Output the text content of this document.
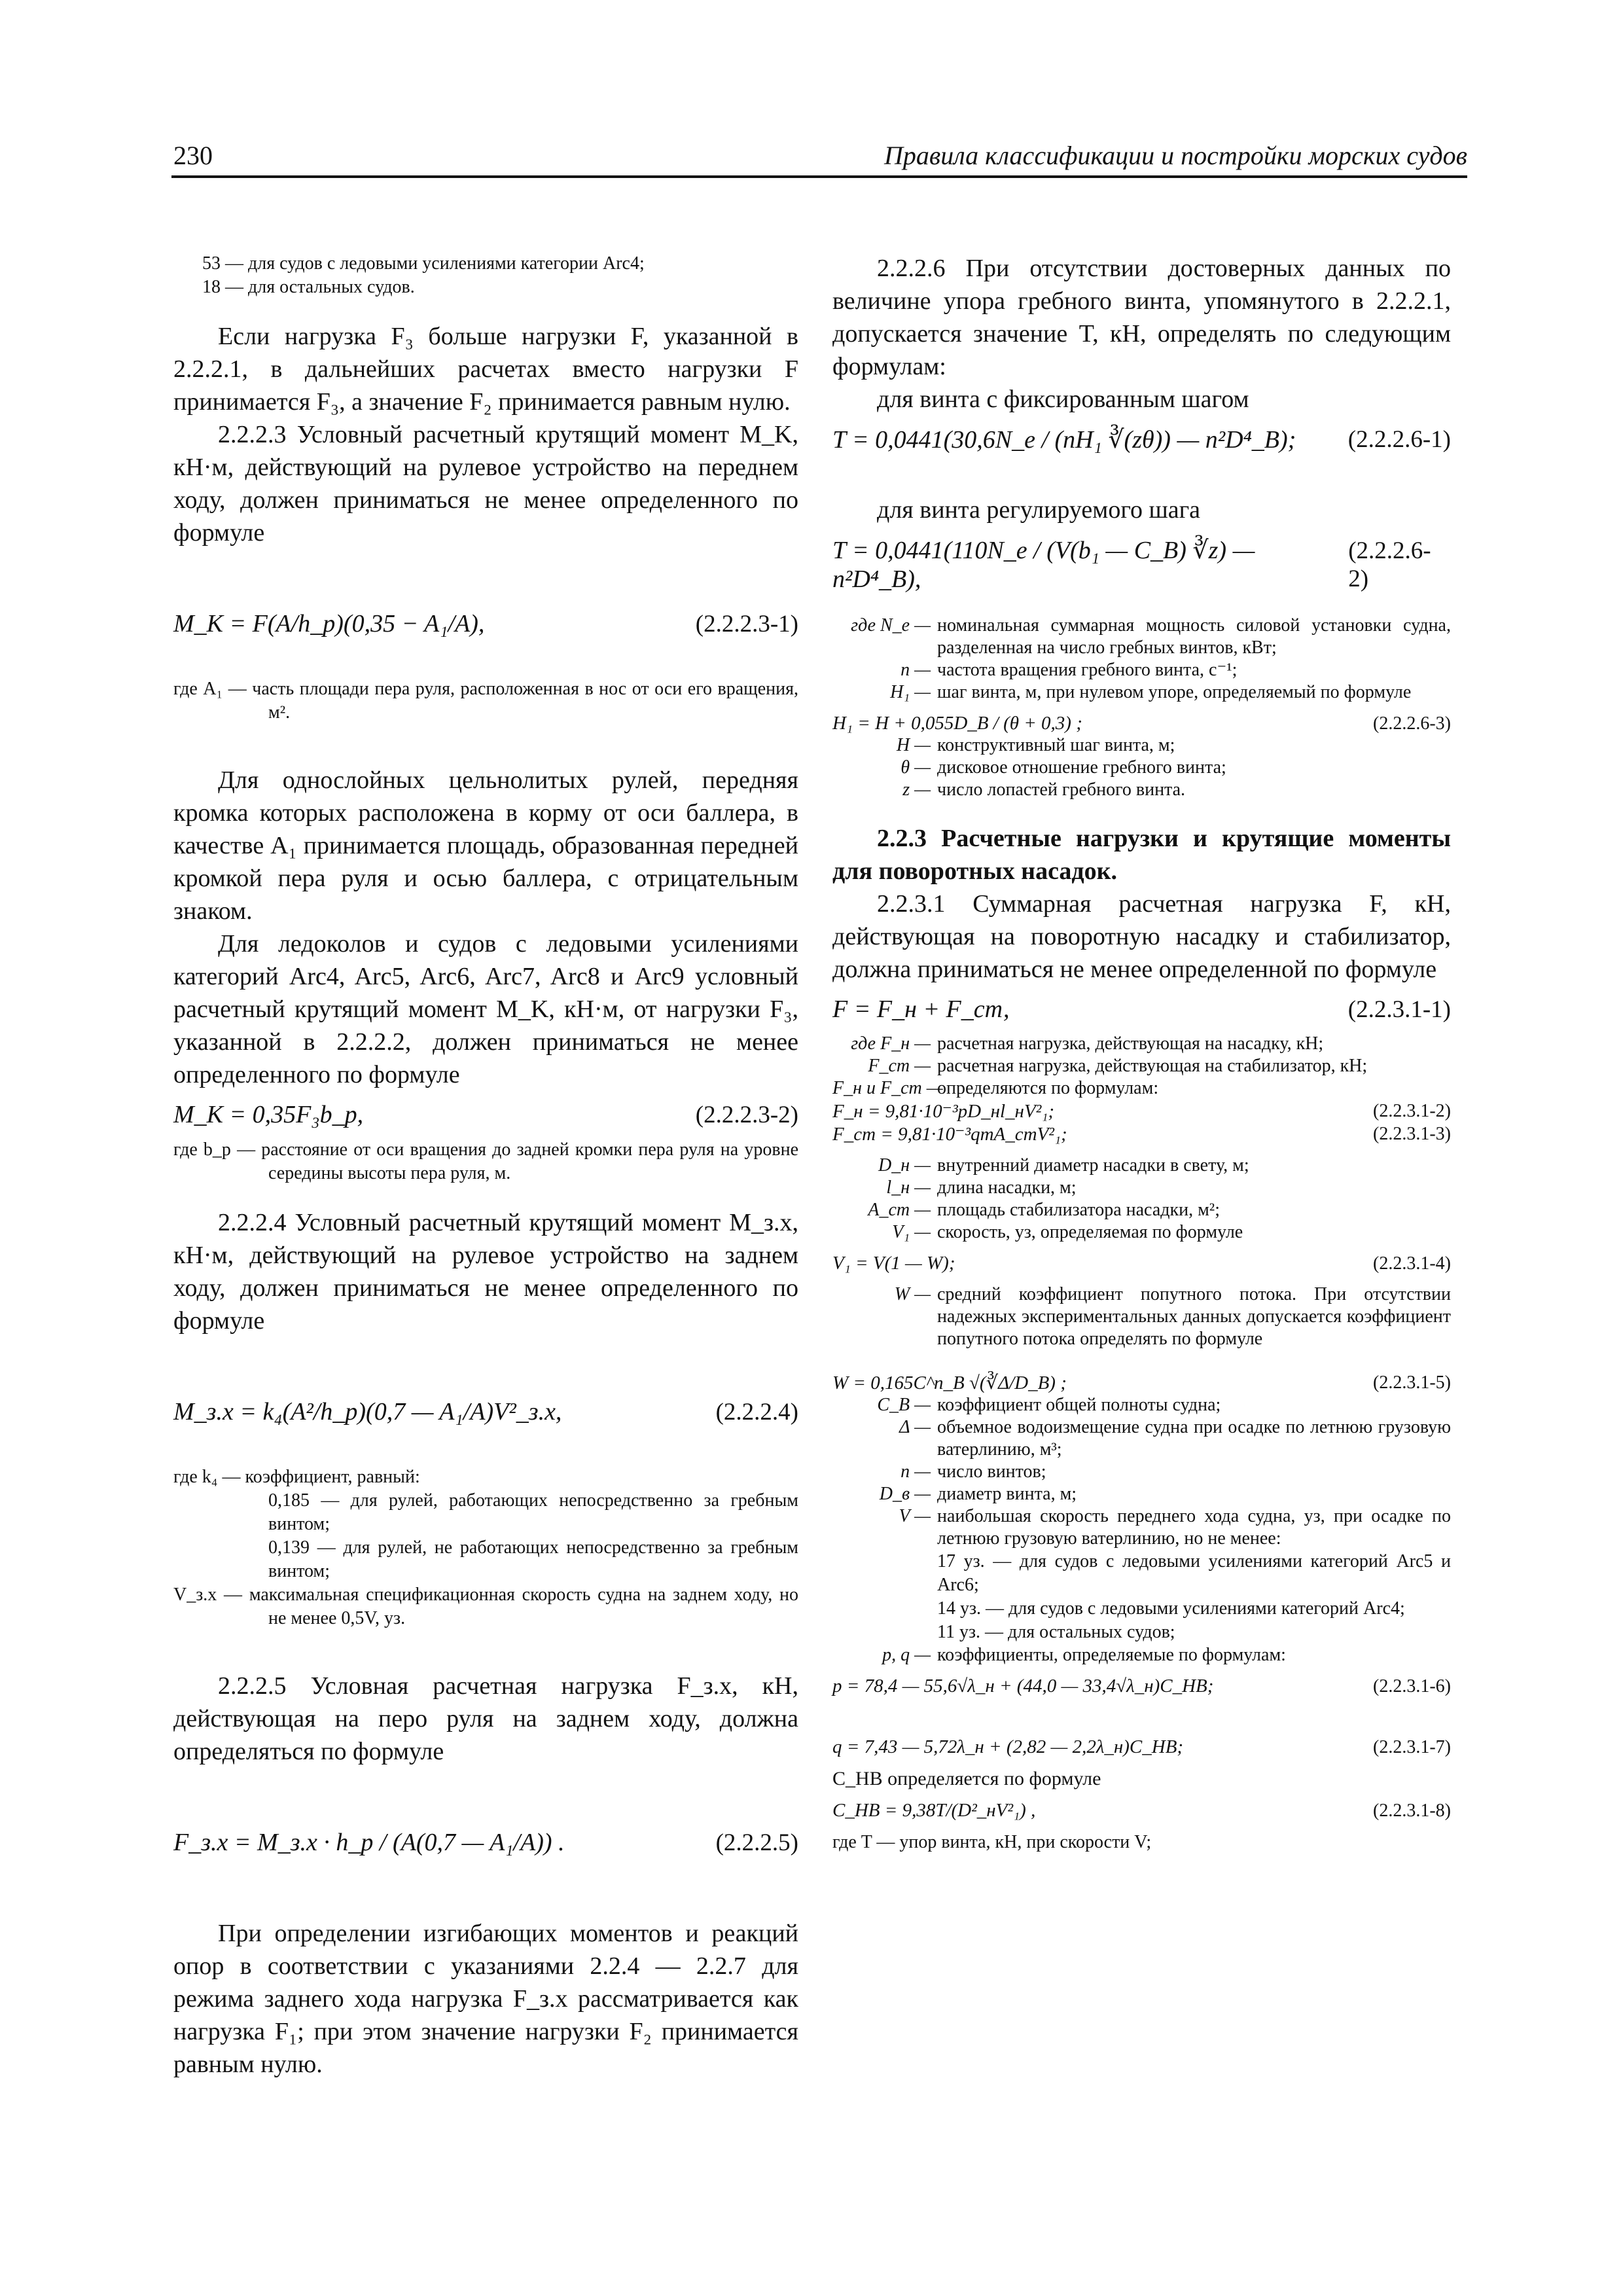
230	Правила классификации и постройки морских судов

53 — для судов с ледовыми усилениями категории Arc4;

18 — для остальных судов.

Если нагрузка F₃ больше нагрузки F, указанной в 2.2.2.1, в дальнейших расчетах вместо нагрузки F принимается F₃, а значение F₂ принимается равным нулю.

2.2.2.3 Условный расчетный крутящий момент M_K, кН·м, действующий на рулевое устройство на переднем ходу, должен приниматься не менее определенного по формуле

M_K = F(A/h_p)(0,35 − A₁/A),	(2.2.2.3-1)

где A₁ — часть площади пера руля, расположенная в нос от оси его вращения, м².

Для однослойных цельнолитых рулей, передняя кромка которых расположена в корму от оси баллера, в качестве A₁ принимается площадь, образованная передней кромкой пера руля и осью баллера, с отрицательным знаком.

Для ледоколов и судов с ледовыми усилениями категорий Arc4, Arc5, Arc6, Arc7, Arc8 и Arc9 условный расчетный крутящий момент M_K, кН·м, от нагрузки F₃, указанной в 2.2.2.2, должен приниматься не менее определенного по формуле

M_K = 0,35F₃b_p,	(2.2.2.3-2)

где b_p — расстояние от оси вращения до задней кромки пера руля на уровне середины высоты пера руля, м.

2.2.2.4 Условный расчетный крутящий момент M_з.х, кН·м, действующий на рулевое устройство на заднем ходу, должен приниматься не менее определенного по формуле

M_з.х = k₄(A²/h_p)(0,7 — A₁/A)V²_з.х,	(2.2.2.4)

где k₄ — коэффициент, равный:

0,185 — для рулей, работающих непосредственно за гребным винтом;

0,139 — для рулей, не работающих непосредственно за гребным винтом;

V_з.х — максимальная спецификационная скорость судна на заднем ходу, но не менее 0,5V, уз.

2.2.2.5 Условная расчетная нагрузка F_з.х, кН, действующая на перо руля на заднем ходу, должна определяться по формуле

F_з.х = M_з.х · h_p / (A(0,7 — A₁/A)) .	(2.2.2.5)

При определении изгибающих моментов и реакций опор в соответствии с указаниями 2.2.4 — 2.2.7 для режима заднего хода нагрузка F_з.х рассматривается как нагрузка F₁; при этом значение нагрузки F₂ принимается равным нулю.

2.2.2.6 При отсутствии достоверных данных по величине упора гребного винта, упомянутого в 2.2.2.1, допускается значение T, кН, определять по следующим формулам:

для винта с фиксированным шагом

T = 0,0441(30,6N_e / (nH₁ ∛(zθ)) — n²D⁴_B); (2.2.2.6-1)

для винта регулируемого шага

T = 0,0441(110N_e / (V(b₁ — C_B) ∛z) — n²D⁴_B),
(2.2.2.6-2)
где N_e — номинальная суммарная мощность силовой установки судна, разделенная на число гребных винтов, кВт;
n — частота вращения гребного винта, с⁻¹;
H₁ — шаг винта, м, при нулевом упоре, определяемый по формуле
H₁ = H + 0,055D_B / (θ + 0,3) ;	(2.2.2.6-3)
H — конструктивный шаг винта, м;
θ — дисковое отношение гребного винта;
z — число лопастей гребного винта.

2.2.3 Расчетные нагрузки и крутящие моменты для поворотных насадок.

2.2.3.1 Суммарная расчетная нагрузка F, кН, действующая на поворотную насадку и стабилизатор, должна приниматься не менее определенной по формуле

F = F_н + F_ст,	(2.2.3.1-1)
где F_н — расчетная нагрузка, действующая на насадку, кН;
F_ст — расчетная нагрузка, действующая на стабилизатор, кН;
F_н и F_ст —
определяются по формулам:
F_н = 9,81·10⁻³pD_нl_нV²₁;	(2.2.3.1-2)
F_ст = 9,81·10⁻³qmA_стV²₁;	(2.2.3.1-3)
D_н — внутренний диаметр насадки в свету, м;
l_н — длина насадки, м;
A_ст — площадь стабилизатора насадки, м²;
V₁ — скорость, уз, определяемая по формуле
V₁ = V(1 — W);	(2.2.3.1-4)
W — средний коэффициент попутного потока. При отсутствии надежных экспериментальных данных допускается коэффициент попутного потока определять по формуле
W = 0,165C^n_B √(∛Δ/D_B) ;	(2.2.3.1-5)
C_B — коэффициент общей полноты судна;
Δ — объемное водоизмещение судна при осадке по летнюю грузовую ватерлинию, м³;
n — число винтов;
D_в — диаметр винта, м;
V — наибольшая скорость переднего хода судна, уз, при осадке по летнюю грузовую ватерлинию, но не менее:

17 уз. — для судов с ледовыми усилениями категорий Arc5 и Arc6;

14 уз. — для судов с ледовыми усилениями категорий Arc4;

11 уз. — для остальных судов;

p, q — коэффициенты, определяемые по формулам:
p = 78,4 — 55,6√λ_н + (44,0 — 33,4√λ_н)C_HB;	(2.2.3.1-6)
q = 7,43 — 5,72λ_н + (2,82 — 2,2λ_н)C_HB;	(2.2.3.1-7)

C_HB определяется по формуле

C_HB = 9,38T/(D²_нV²₁) ,	(2.2.3.1-8)

где T — упор винта, кН, при скорости V;
